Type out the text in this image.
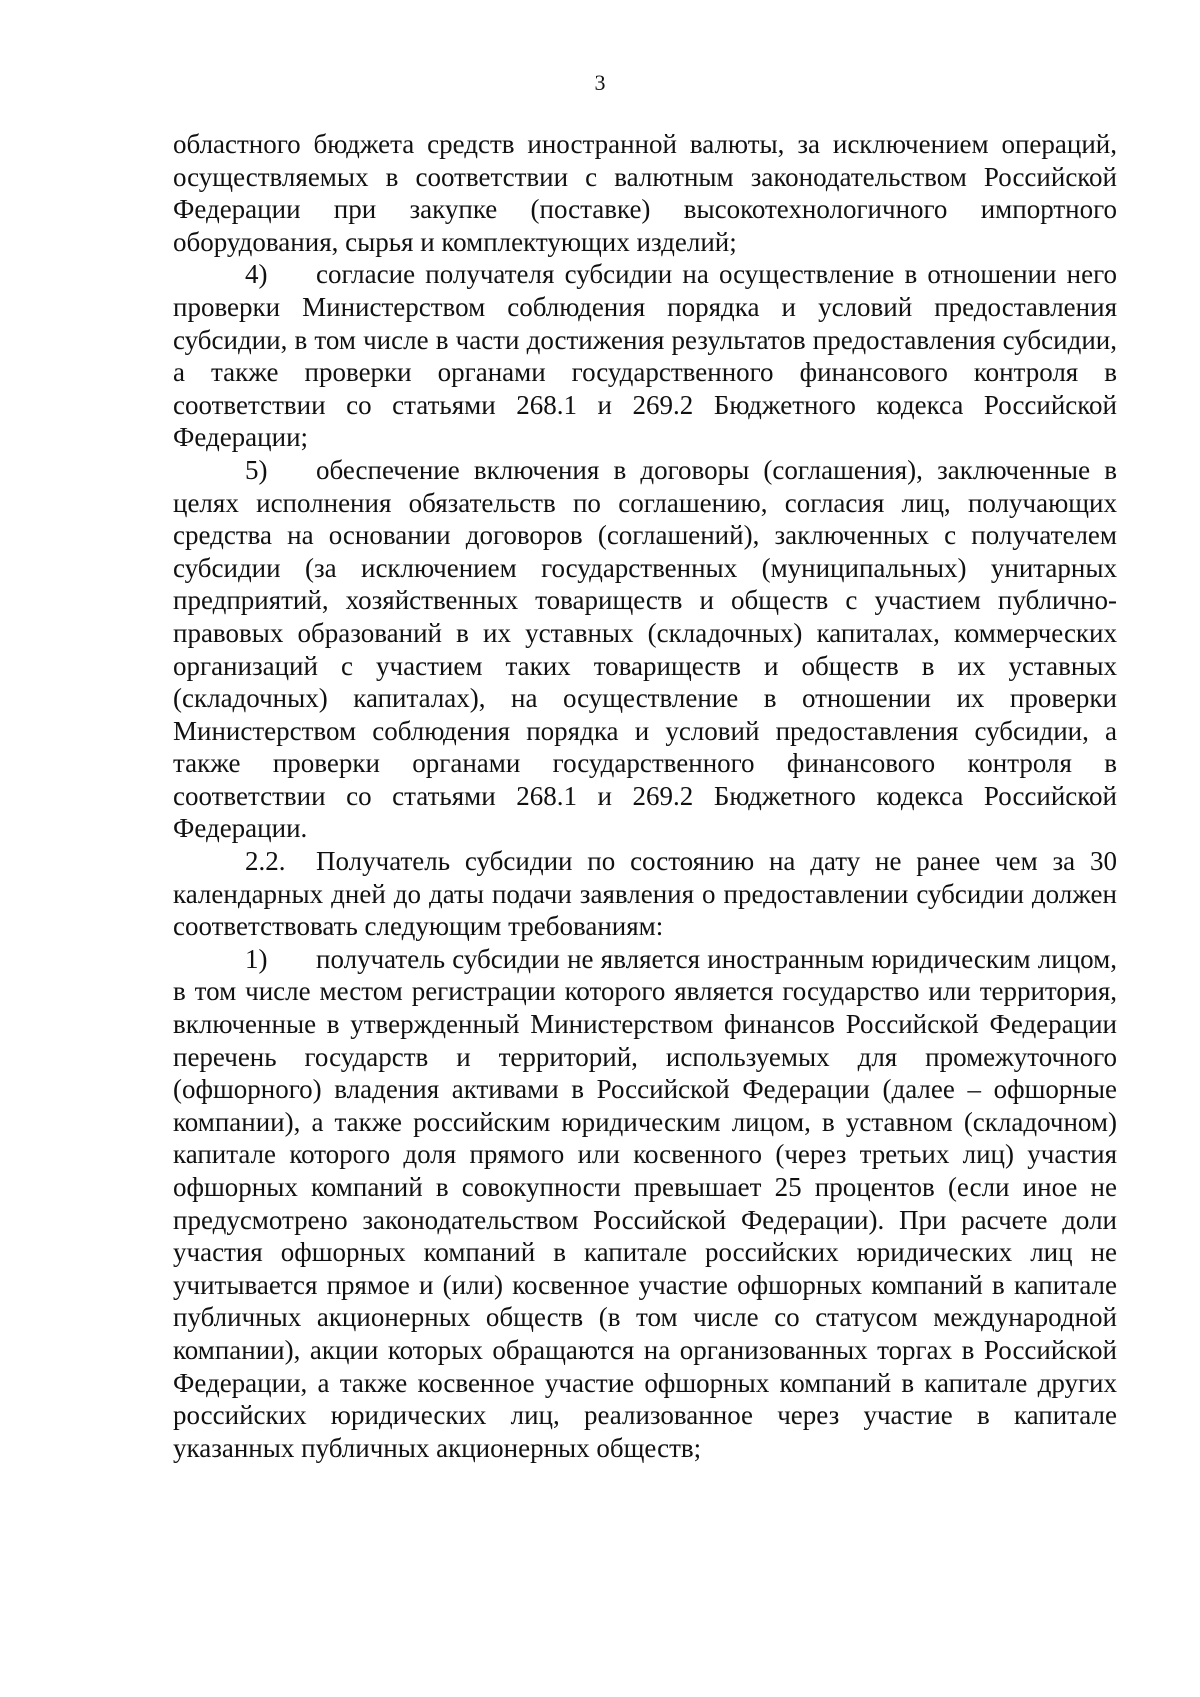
3

областного бюджета средств иностранной валюты, за исключением операций, осуществляемых в соответствии с валютным законодательством Российской Федерации при закупке (поставке) высокотехнологичного импортного оборудования, сырья и комплектующих изделий;

4) согласие получателя субсидии на осуществление в отношении него проверки Министерством соблюдения порядка и условий предоставления субсидии, в том числе в части достижения результатов предоставления субсидии, а также проверки органами государственного финансового контроля в соответствии со статьями 268.1 и 269.2 Бюджетного кодекса Российской Федерации;

5) обеспечение включения в договоры (соглашения), заключенные в целях исполнения обязательств по соглашению, согласия лиц, получающих средства на основании договоров (соглашений), заключенных с получателем субсидии (за исключением государственных (муниципальных) унитарных предприятий, хозяйственных товариществ и обществ с участием публично-правовых образований в их уставных (складочных) капиталах, коммерческих организаций с участием таких товариществ и обществ в их уставных (складочных) капиталах), на осуществление в отношении их проверки Министерством соблюдения порядка и условий предоставления субсидии, а также проверки органами государственного финансового контроля в соответствии со статьями 268.1 и 269.2 Бюджетного кодекса Российской Федерации.

2.2. Получатель субсидии по состоянию на дату не ранее чем за 30 календарных дней до даты подачи заявления о предоставлении субсидии должен соответствовать следующим требованиям:

1) получатель субсидии не является иностранным юридическим лицом, в том числе местом регистрации которого является государство или территория, включенные в утвержденный Министерством финансов Российской Федерации перечень государств и территорий, используемых для промежуточного (офшорного) владения активами в Российской Федерации (далее – офшорные компании), а также российским юридическим лицом, в уставном (складочном) капитале которого доля прямого или косвенного (через третьих лиц) участия офшорных компаний в совокупности превышает 25 процентов (если иное не предусмотрено законодательством Российской Федерации). При расчете доли участия офшорных компаний в капитале российских юридических лиц не учитывается прямое и (или) косвенное участие офшорных компаний в капитале публичных акционерных обществ (в том числе со статусом международной компании), акции которых обращаются на организованных торгах в Российской Федерации, а также косвенное участие офшорных компаний в капитале других российских юридических лиц, реализованное через участие в капитале указанных публичных акционерных обществ;
